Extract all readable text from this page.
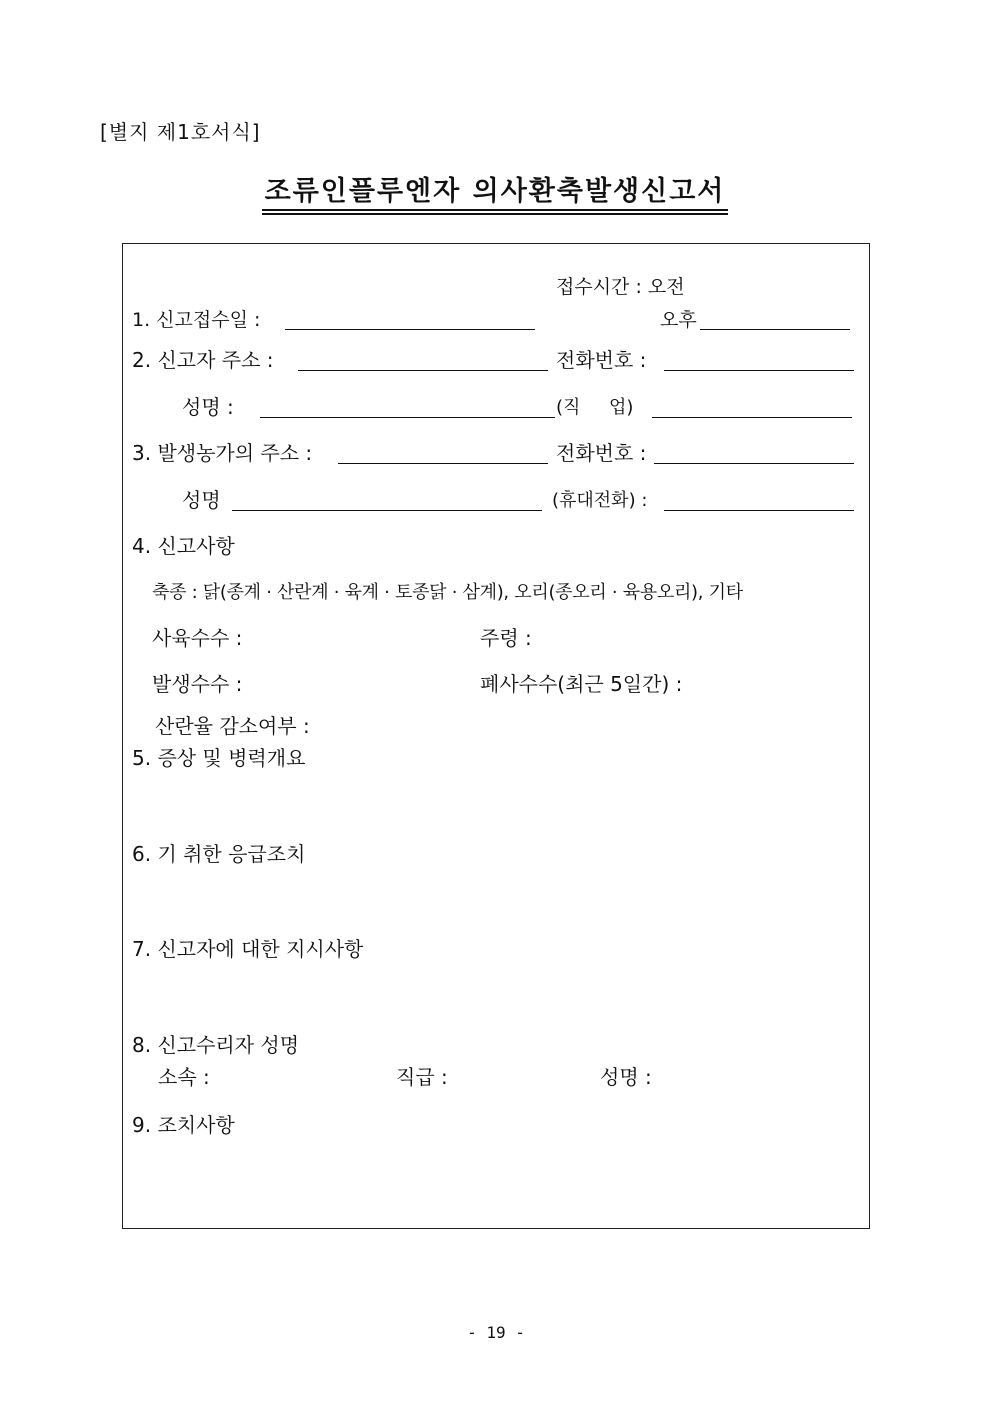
[별지 제1호서식]
조류인플루엔자 의사환축발생신고서
접수시간 : 오전
1. 신고접수일 :	오후
2. 신고자 주소 :	전화번호 :
성명 :	(직     업)
3. 발생농가의 주소 :	전화번호 :
성명	(휴대전화) :
4. 신고사항
축종 : 닭(종계 · 산란계 · 육계 · 토종닭 · 삼계), 오리(종오리 · 육용오리), 기타
사육수수 :	주령 :
발생수수 :	폐사수수(최근 5일간) :
산란율 감소여부 :
5. 증상 및 병력개요
6. 기 취한 응급조치
7. 신고자에 대한 지시사항
8. 신고수리자 성명
소속 :	직급 :	성명 :
9. 조치사항
- 19 -
